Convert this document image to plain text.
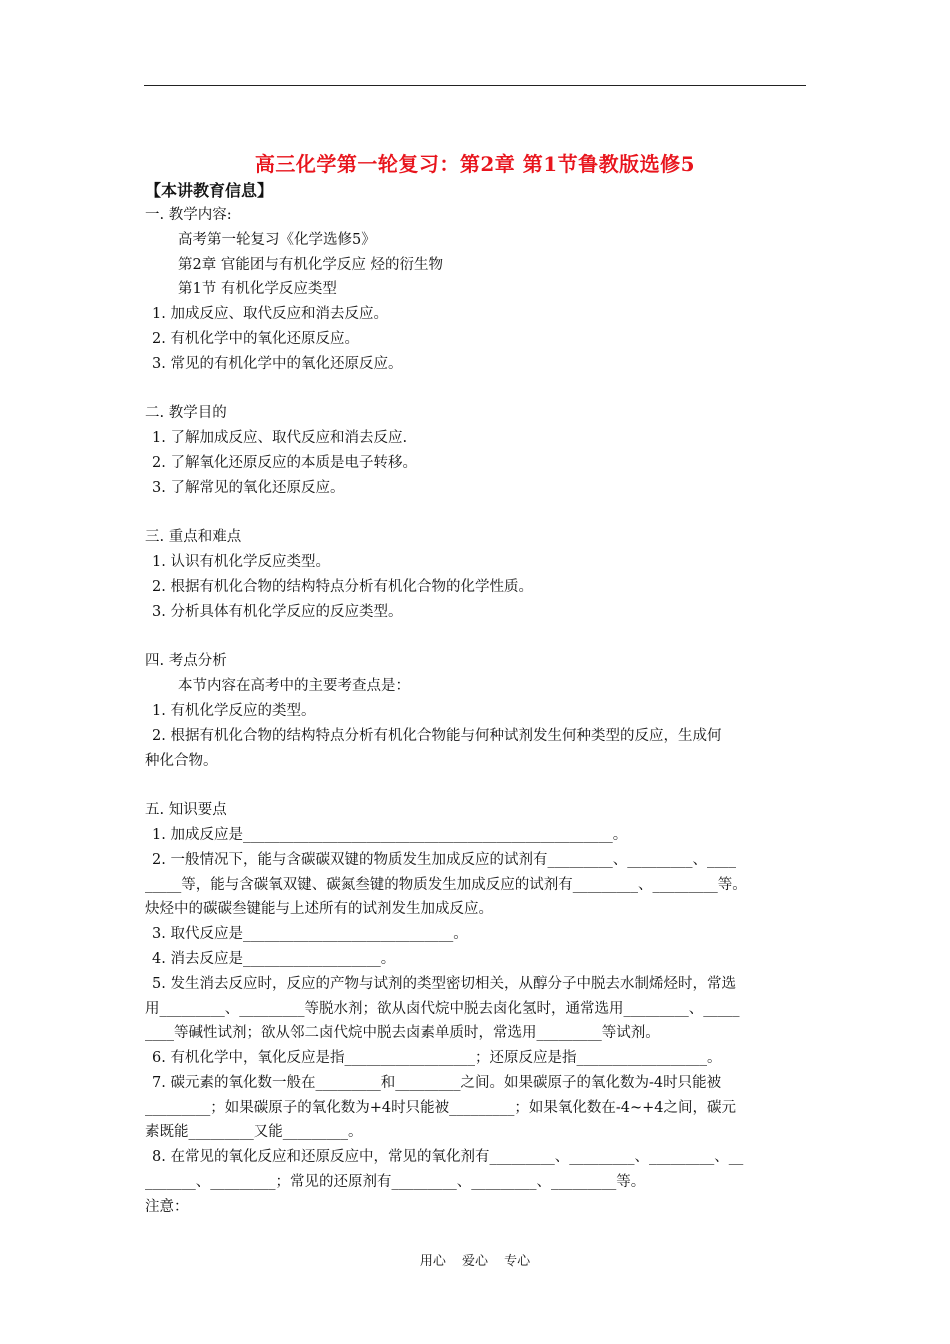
高三化学第一轮复习：第2章 第1节鲁教版选修5
【本讲教育信息】

一. 教学内容:

高考第一轮复习《化学选修5》

第2章 官能团与有机化学反应 烃的衍生物

第1节 有机化学反应类型

1. 加成反应、取代反应和消去反应。

2. 有机化学中的氧化还原反应。

3. 常见的有机化学中的氧化还原反应。

二. 教学目的

1. 了解加成反应、取代反应和消去反应.

2. 了解氧化还原反应的本质是电子转移。

3. 了解常见的氧化还原反应。

三. 重点和难点

1. 认识有机化学反应类型。

2. 根据有机化合物的结构特点分析有机化合物的化学性质。

3. 分析具体有机化学反应的反应类型。

四. 考点分析

本节内容在高考中的主要考查点是：

1. 有机化学反应的类型。

2. 根据有机化合物的结构特点分析有机化合物能与何种试剂发生何种类型的反应，生成何

种化合物。

五. 知识要点

1. 加成反应是___________________________________________________。

2. 一般情况下，能与含碳碳双键的物质发生加成反应的试剂有_________、_________、____

_____等，能与含碳氧双键、碳氮叁键的物质发生加成反应的试剂有_________、_________等。

炔烃中的碳碳叁键能与上述所有的试剂发生加成反应。

3. 取代反应是_____________________________。

4. 消去反应是___________________。

5. 发生消去反应时，反应的产物与试剂的类型密切相关，从醇分子中脱去水制烯烃时，常选

用_________、_________等脱水剂；欲从卤代烷中脱去卤化氢时，通常选用_________、_____

____等碱性试剂；欲从邻二卤代烷中脱去卤素单质时，常选用_________等试剂。

6. 有机化学中，氧化反应是指__________________；还原反应是指__________________。

7. 碳元素的氧化数一般在_________和_________之间。如果碳原子的氧化数为-4时只能被

_________；如果碳原子的氧化数为+4时只能被_________；如果氧化数在-4~+4之间，碳元

素既能_________又能_________。

8. 在常见的氧化反应和还原反应中，常见的氧化剂有_________、_________、_________、__

_______、_________；常见的还原剂有_________、_________、_________等。

注意：

用心 爱心 专心
